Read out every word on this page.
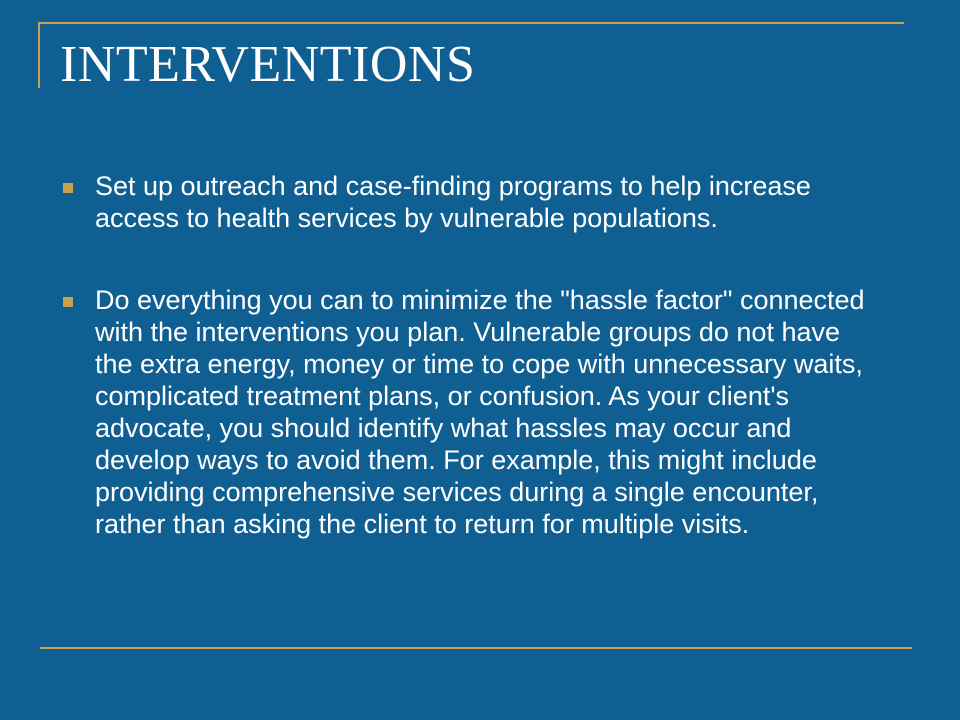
INTERVENTIONS
Set up outreach and case-finding programs to help increase access to health services by vulnerable populations.
Do everything you can to minimize the "hassle factor" connected with the interventions you plan. Vulnerable groups do not have the extra energy, money or time to cope with unnecessary waits, complicated treatment plans, or confusion. As your client's advocate, you should identify what hassles may occur and develop ways to avoid them. For example, this might include providing comprehensive services during a single encounter, rather than asking the client to return for multiple visits.
